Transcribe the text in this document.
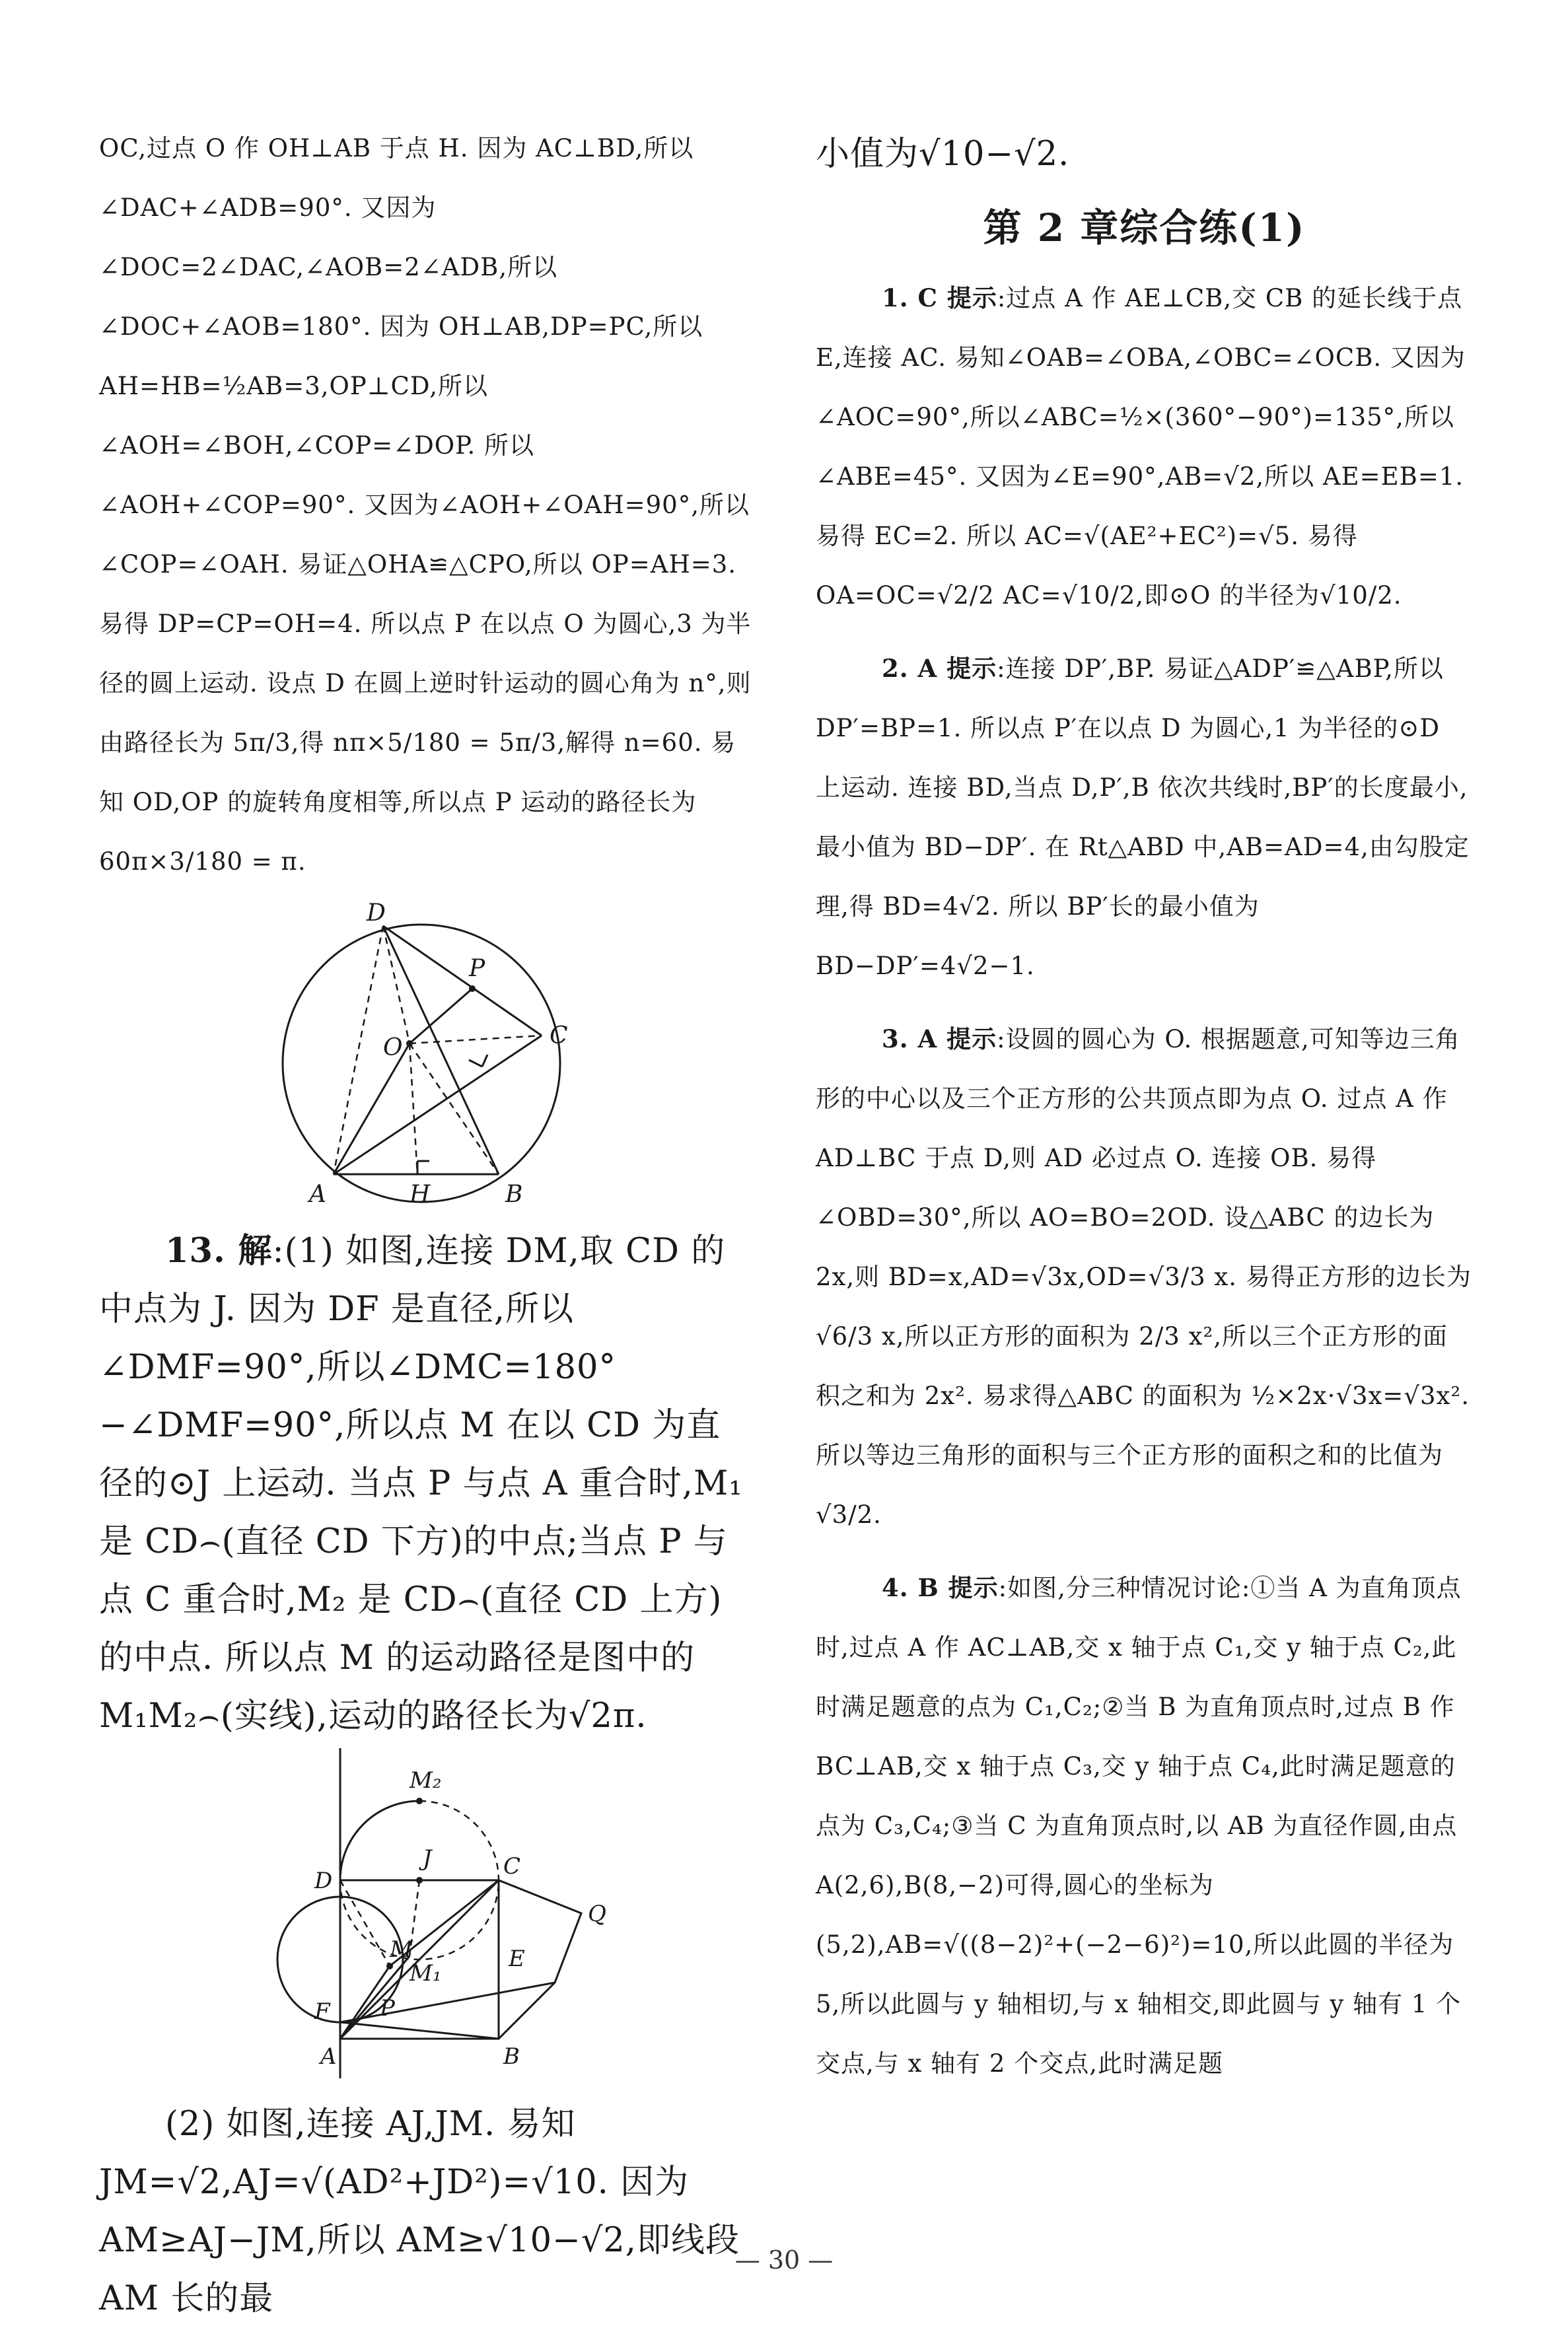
OC,过点 O 作 OH⊥AB 于点 H. 因为 AC⊥BD,所以∠DAC+∠ADB=90°. 又因为∠DOC=2∠DAC,∠AOB=2∠ADB,所以∠DOC+∠AOB=180°. 因为 OH⊥AB,DP=PC,所以 AH=HB=½AB=3,OP⊥CD,所以∠AOH=∠BOH,∠COP=∠DOP. 所以∠AOH+∠COP=90°. 又因为∠AOH+∠OAH=90°,所以∠COP=∠OAH. 易证△OHA≌△CPO,所以 OP=AH=3. 易得 DP=CP=OH=4. 所以点 P 在以点 O 为圆心,3 为半径的圆上运动. 设点 D 在圆上逆时针运动的圆心角为 n°,则由路径长为 5π/3,得 nπ×5/180 = 5π/3,解得 n=60. 易知 OD,OP 的旋转角度相等,所以点 P 运动的路径长为 60π×3/180 = π.

D
P
C
O
A	H	B

13. 解:(1) 如图,连接 DM,取 CD 的中点为 J. 因为 DF 是直径,所以∠DMF=90°,所以∠DMC=180°−∠DMF=90°,所以点 M 在以 CD 为直径的⊙J 上运动. 当点 P 与点 A 重合时,M₁ 是 CD⌢(直径 CD 下方)的中点;当点 P 与点 C 重合时,M₂ 是 CD⌢(直径 CD 上方)的中点. 所以点 M 的运动路径是图中的 M₁M₂⌢(实线),运动的路径长为√2π.

M₂
J	C
D
Q
M
M₁
E
F P
A	B

(2) 如图,连接 AJ,JM. 易知 JM=√2,AJ=√(AD²+JD²)=√10. 因为 AM≥AJ−JM,所以 AM≥√10−√2,即线段 AM 长的最

小值为√10−√2.

第 2 章综合练(1)

1. C 提示:过点 A 作 AE⊥CB,交 CB 的延长线于点 E,连接 AC. 易知∠OAB=∠OBA,∠OBC=∠OCB. 又因为∠AOC=90°,所以∠ABC=½×(360°−90°)=135°,所以∠ABE=45°. 又因为∠E=90°,AB=√2,所以 AE=EB=1. 易得 EC=2. 所以 AC=√(AE²+EC²)=√5. 易得 OA=OC=√2/2 AC=√10/2,即⊙O 的半径为√10/2.

2. A 提示:连接 DP′,BP. 易证△ADP′≌△ABP,所以 DP′=BP=1. 所以点 P′在以点 D 为圆心,1 为半径的⊙D 上运动. 连接 BD,当点 D,P′,B 依次共线时,BP′的长度最小,最小值为 BD−DP′. 在 Rt△ABD 中,AB=AD=4,由勾股定理,得 BD=4√2. 所以 BP′长的最小值为 BD−DP′=4√2−1.

3. A 提示:设圆的圆心为 O. 根据题意,可知等边三角形的中心以及三个正方形的公共顶点即为点 O. 过点 A 作 AD⊥BC 于点 D,则 AD 必过点 O. 连接 OB. 易得∠OBD=30°,所以 AO=BO=2OD. 设△ABC 的边长为 2x,则 BD=x,AD=√3x,OD=√3/3 x. 易得正方形的边长为 √6/3 x,所以正方形的面积为 2/3 x²,所以三个正方形的面积之和为 2x². 易求得△ABC 的面积为 ½×2x·√3x=√3x². 所以等边三角形的面积与三个正方形的面积之和的比值为 √3/2.

4. B 提示:如图,分三种情况讨论:①当 A 为直角顶点时,过点 A 作 AC⊥AB,交 x 轴于点 C₁,交 y 轴于点 C₂,此时满足题意的点为 C₁,C₂;②当 B 为直角顶点时,过点 B 作 BC⊥AB,交 x 轴于点 C₃,交 y 轴于点 C₄,此时满足题意的点为 C₃,C₄;③当 C 为直角顶点时,以 AB 为直径作圆,由点 A(2,6),B(8,−2)可得,圆心的坐标为(5,2),AB=√((8−2)²+(−2−6)²)=10,所以此圆的半径为 5,所以此圆与 y 轴相切,与 x 轴相交,即此圆与 y 轴有 1 个交点,与 x 轴有 2 个交点,此时满足题

— 30 —
